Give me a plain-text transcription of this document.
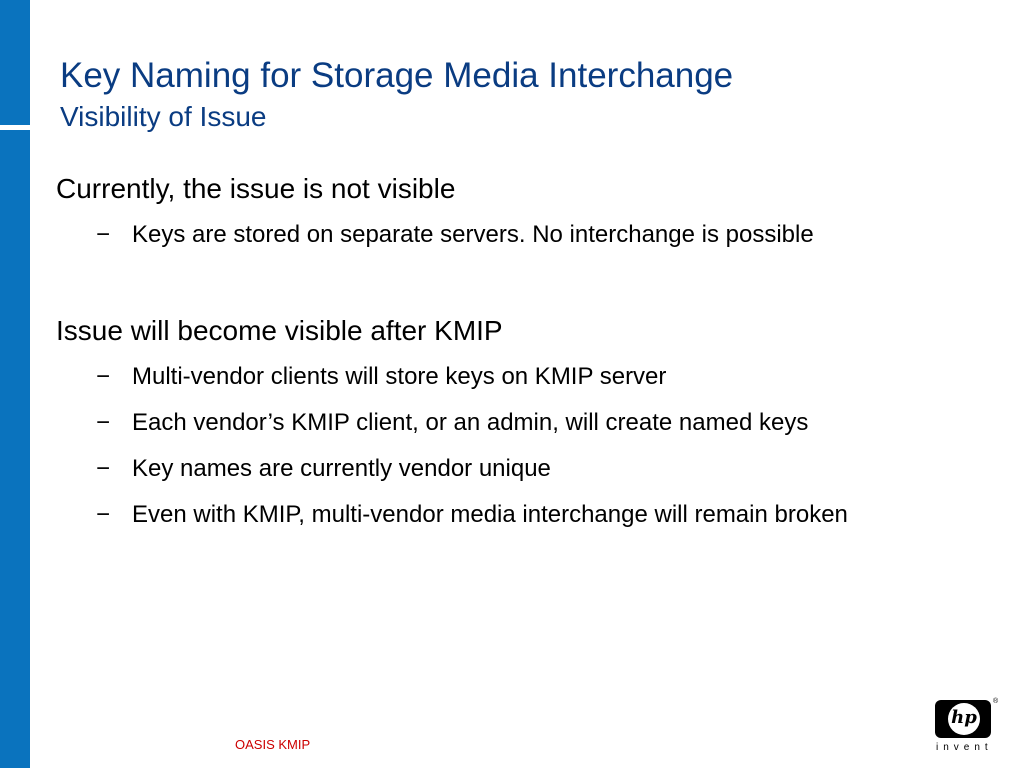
Key Naming for Storage Media Interchange
Visibility of Issue
Currently, the issue is not visible
− Keys are stored on separate servers. No interchange is possible
Issue will become visible after KMIP
− Multi-vendor clients will store keys on KMIP server
− Each vendor’s KMIP client, or an admin, will create named keys
− Key names are currently vendor unique
− Even with KMIP, multi-vendor media interchange will remain broken
OASIS KMIP
hp
®
invent
